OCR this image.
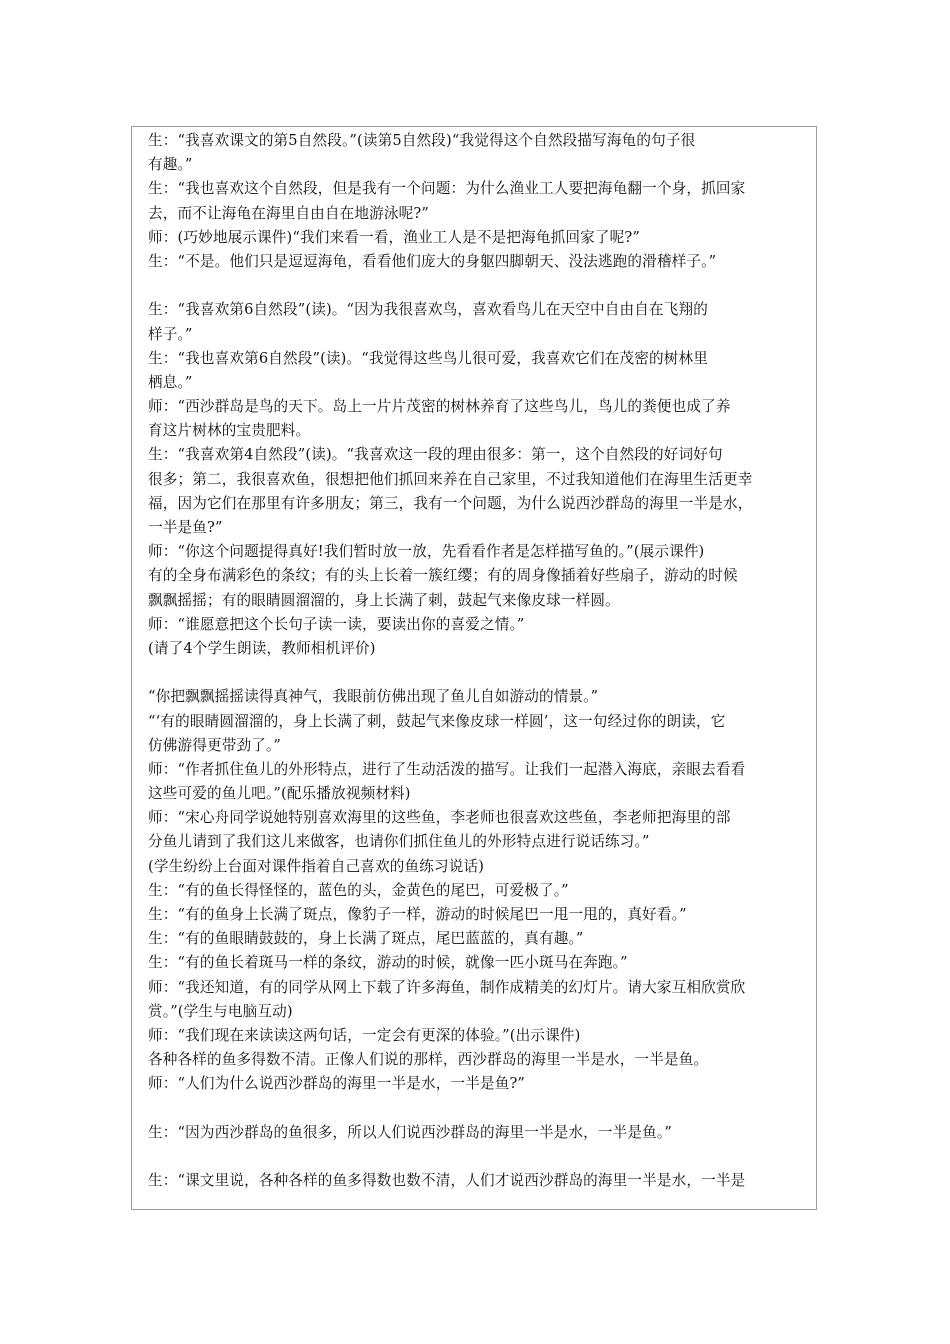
生：“我喜欢课文的第5自然段。”(读第5自然段)“我觉得这个自然段描写海龟的句子很
有趣。”
生：“我也喜欢这个自然段，但是我有一个问题：为什么渔业工人要把海龟翻一个身，抓回家
去，而不让海龟在海里自由自在地游泳呢?”
师：(巧妙地展示课件)“我们来看一看，渔业工人是不是把海龟抓回家了呢?”
生：“不是。他们只是逗逗海龟，看看他们庞大的身躯四脚朝天、没法逃跑的滑稽样子。”
生：“我喜欢第6自然段”(读)。“因为我很喜欢鸟，喜欢看鸟儿在天空中自由自在飞翔的
样子。”
生：“我也喜欢第6自然段”(读)。“我觉得这些鸟儿很可爱，我喜欢它们在茂密的树林里
栖息。”
师：“西沙群岛是鸟的天下。岛上一片片茂密的树林养育了这些鸟儿，鸟儿的粪便也成了养
育这片树林的宝贵肥料。
生：“我喜欢第4自然段”(读)。“我喜欢这一段的理由很多：第一，这个自然段的好词好句
很多；第二，我很喜欢鱼，很想把他们抓回来养在自己家里，不过我知道他们在海里生活更幸
福，因为它们在那里有许多朋友；第三，我有一个问题，为什么说西沙群岛的海里一半是水，
一半是鱼?”
师：“你这个问题提得真好!我们暂时放一放，先看看作者是怎样描写鱼的。”(展示课件)
有的全身布满彩色的条纹；有的头上长着一簇红缨；有的周身像插着好些扇子，游动的时候
飘飘摇摇；有的眼睛圆溜溜的，身上长满了刺，鼓起气来像皮球一样圆。
师：“谁愿意把这个长句子读一读，要读出你的喜爱之情。”
(请了4个学生朗读，教师相机评价)
“你把飘飘摇摇读得真神气，我眼前仿佛出现了鱼儿自如游动的情景。”
“‘有的眼睛圆溜溜的，身上长满了刺，鼓起气来像皮球一样圆’，这一句经过你的朗读，它
仿佛游得更带劲了。”
师：“作者抓住鱼儿的外形特点，进行了生动活泼的描写。让我们一起潜入海底，亲眼去看看
这些可爱的鱼儿吧。”(配乐播放视频材料)
师：“宋心舟同学说她特别喜欢海里的这些鱼，李老师也很喜欢这些鱼，李老师把海里的部
分鱼儿请到了我们这儿来做客，也请你们抓住鱼儿的外形特点进行说话练习。”
(学生纷纷上台面对课件指着自己喜欢的鱼练习说话)
生：“有的鱼长得怪怪的，蓝色的头，金黄色的尾巴，可爱极了。”
生：“有的鱼身上长满了斑点，像豹子一样，游动的时候尾巴一甩一甩的，真好看。”
生：“有的鱼眼睛鼓鼓的，身上长满了斑点，尾巴蓝蓝的，真有趣。”
生：“有的鱼长着斑马一样的条纹，游动的时候，就像一匹小斑马在奔跑。”
师：“我还知道，有的同学从网上下载了许多海鱼，制作成精美的幻灯片。请大家互相欣赏欣
赏。”(学生与电脑互动)
师：“我们现在来读读这两句话，一定会有更深的体验。”(出示课件)
各种各样的鱼多得数不清。正像人们说的那样，西沙群岛的海里一半是水，一半是鱼。
师：“人们为什么说西沙群岛的海里一半是水，一半是鱼?”
生：“因为西沙群岛的鱼很多，所以人们说西沙群岛的海里一半是水，一半是鱼。”
生：“课文里说，各种各样的鱼多得数也数不清，人们才说西沙群岛的海里一半是水，一半是
